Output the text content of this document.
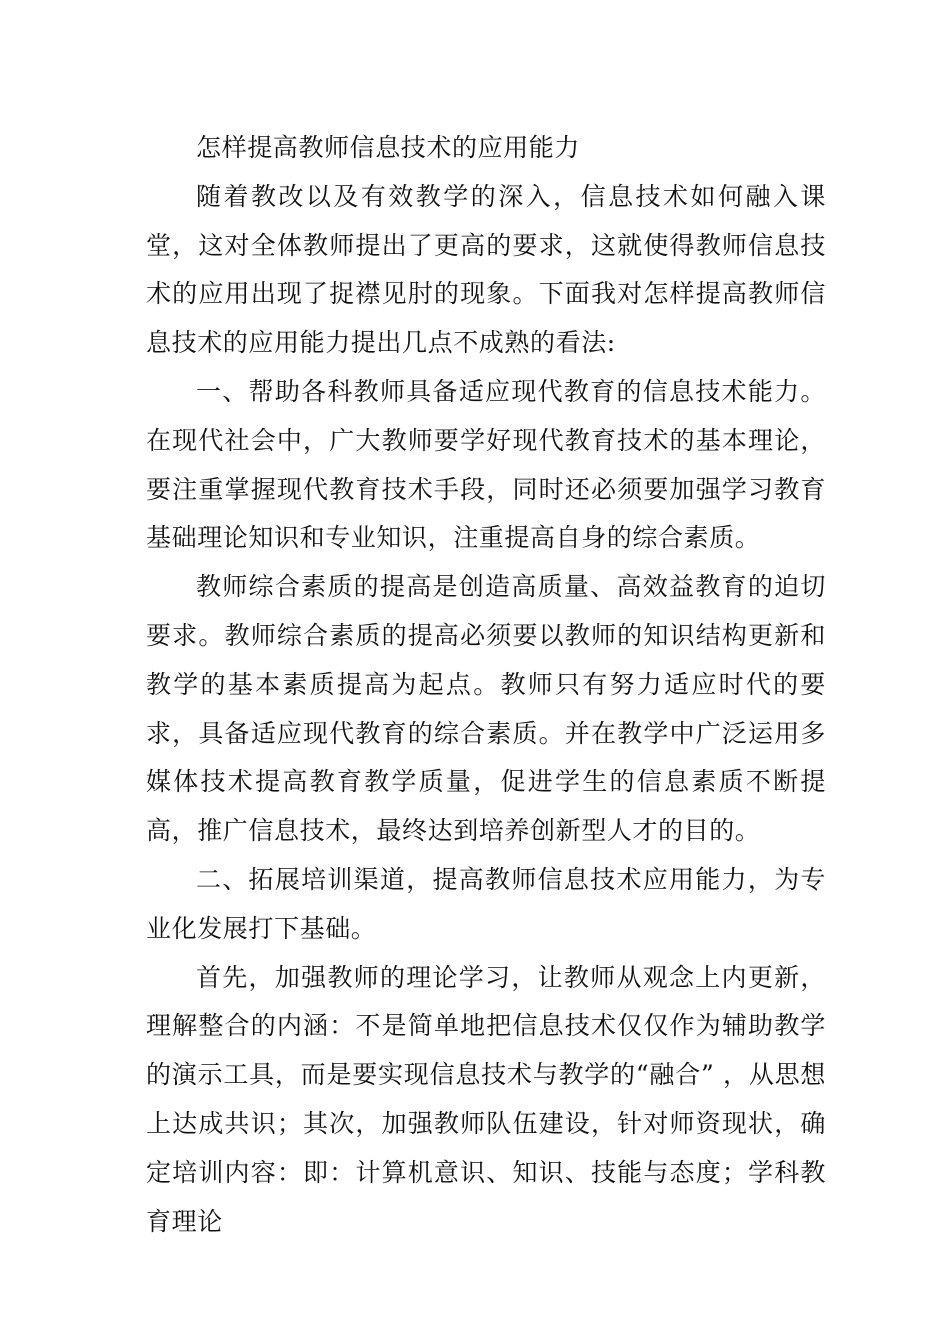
怎样提高教师信息技术的应用能力

随着教改以及有效教学的深入，信息技术如何融入课堂，这对全体教师提出了更高的要求，这就使得教师信息技术的应用出现了捉襟见肘的现象。下面我对怎样提高教师信息技术的应用能力提出几点不成熟的看法:

一、帮助各科教师具备适应现代教育的信息技术能力。在现代社会中，广大教师要学好现代教育技术的基本理论，要注重掌握现代教育技术手段，同时还必须要加强学习教育基础理论知识和专业知识，注重提高自身的综合素质。

教师综合素质的提高是创造高质量、高效益教育的迫切要求。教师综合素质的提高必须要以教师的知识结构更新和教学的基本素质提高为起点。教师只有努力适应时代的要求，具备适应现代教育的综合素质。并在教学中广泛运用多媒体技术提高教育教学质量，促进学生的信息素质不断提高，推广信息技术，最终达到培养创新型人才的目的。

二、拓展培训渠道，提高教师信息技术应用能力，为专业化发展打下基础。

首先，加强教师的理论学习，让教师从观念上内更新，理解整合的内涵：不是简单地把信息技术仅仅作为辅助教学的演示工具，而是要实现信息技术与教学的“融合” ，从思想上达成共识；其次，加强教师队伍建设，针对师资现状，确定培训内容：即：计算机意识、知识、技能与态度；学科教育理论
